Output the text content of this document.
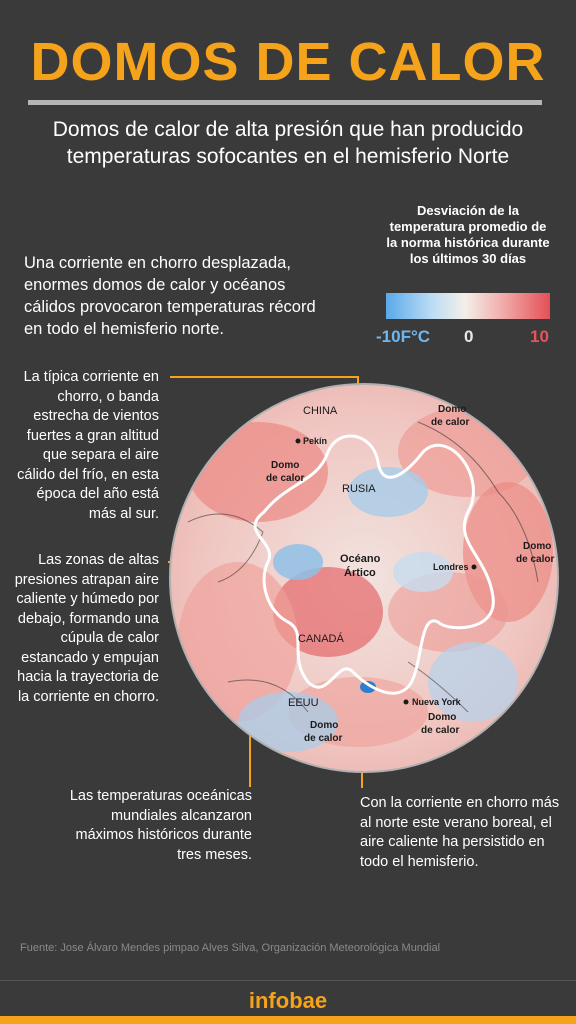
DOMOS DE CALOR
Domos de calor de alta presión que han producido
temperaturas sofocantes en el hemisferio Norte
Desviación de la temperatura promedio de la norma histórica durante los últimos 30 días
-10F°C 0	10
Una corriente en chorro desplazada, enormes domos de calor y océanos cálidos provocaron temperaturas récord en todo el hemisferio norte.
La típica corriente en chorro, o banda estrecha de vientos fuertes a gran altitud que separa el aire cálido del frío, en esta época del año está más al sur.
Las zonas de altas presiones atrapan aire caliente y húmedo por debajo, formando una cúpula de calor estancado y empujan hacia la trayectoria de la corriente en chorro.
Las temperaturas oceánicas mundiales alcanzaron máximos históricos durante tres meses.
Con la corriente en chorro más al norte este verano boreal, el aire caliente ha persistido en todo el hemisferio.
CHINA
Pekín
RUSIA
Océano
Ártico
CANADÁ
EEUU
Londres
Nueva York
Domo
de calor
Domo
de calor
Domo
de calor
Domo
de calor
Domo
de calor
Fuente: Jose Álvaro Mendes pimpao Alves Silva, Organización Meteorológica Mundial
infobae
